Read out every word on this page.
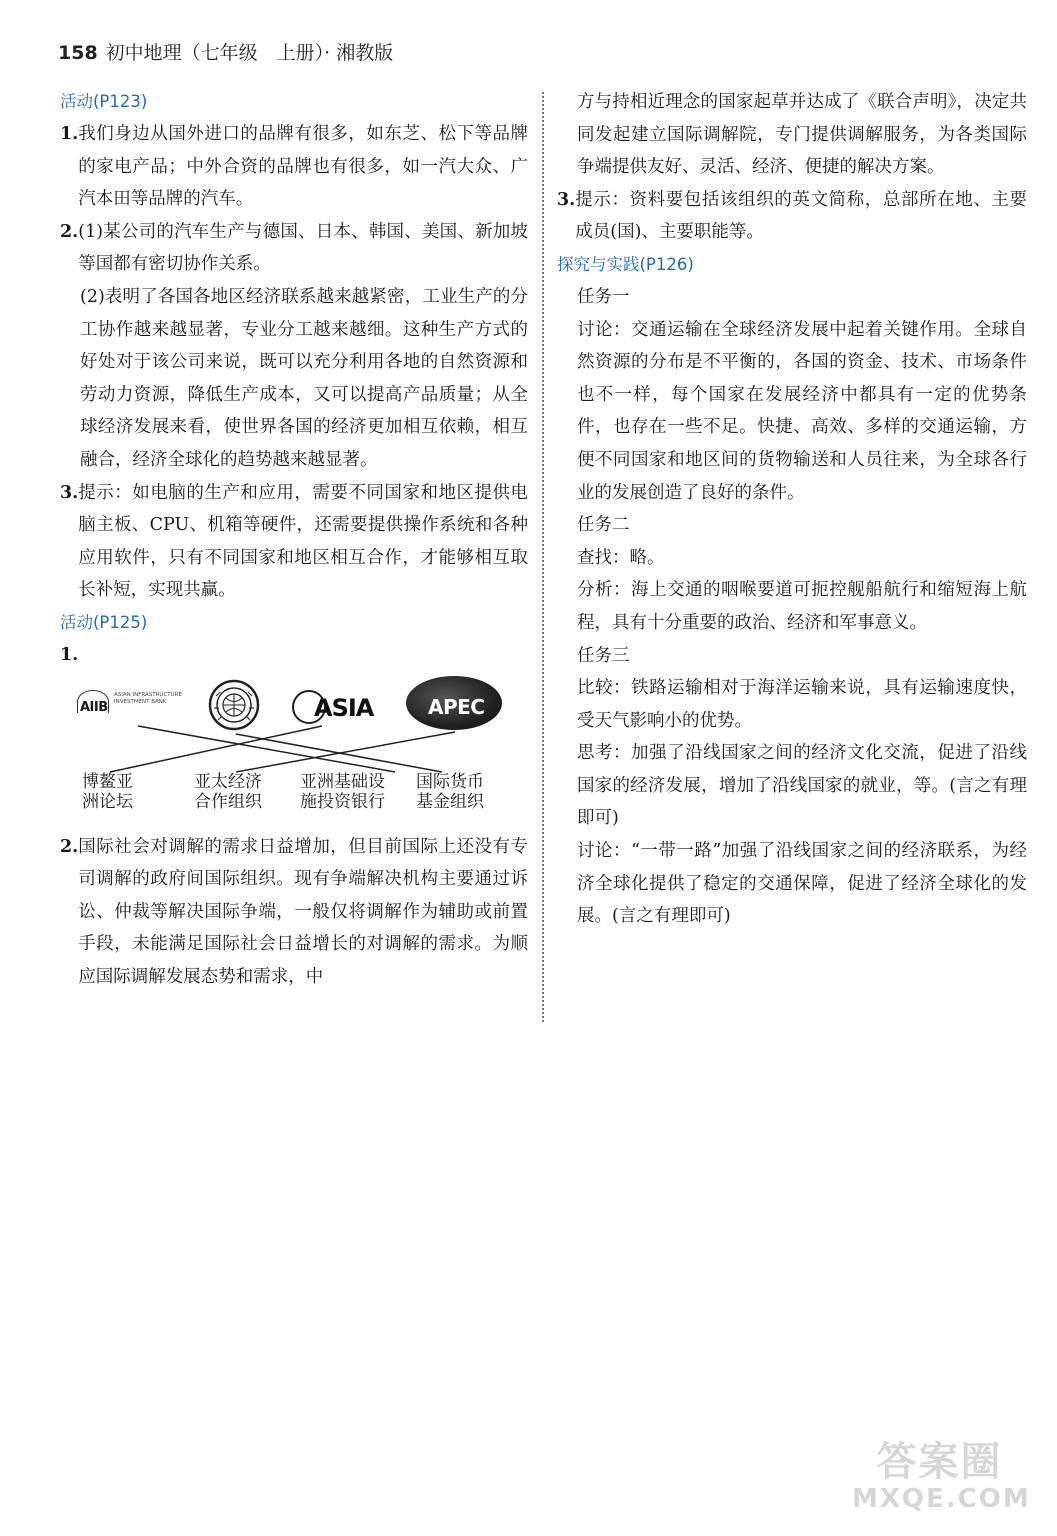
158 初中地理（七年级　上册）· 湘教版

活动(P123)

1. 我们身边从国外进口的品牌有很多，如东芝、松下等品牌的家电产品；中外合资的品牌也有很多，如一汽大众、广汽本田等品牌的汽车。
2. (1)某公司的汽车生产与德国、日本、韩国、美国、新加坡等国都有密切协作关系。

(2)表明了各国各地区经济联系越来越紧密，工业生产的分工协作越来越显著，专业分工越来越细。这种生产方式的好处对于该公司来说，既可以充分利用各地的自然资源和劳动力资源，降低生产成本，又可以提高产品质量；从全球经济发展来看，使世界各国的经济更加相互依赖，相互融合，经济全球化的趋势越来越显著。

3. 提示：如电脑的生产和应用，需要不同国家和地区提供电脑主板、CPU、机箱等硬件，还需要提供操作系统和各种应用软件，只有不同国家和地区相互合作，才能够相互取长补短，实现共赢。

活动(P125)

1.
AIIB
ASIAN INFRASTRUCTURE INVESTMENT BANK	ASIA	APEC
博鳌亚
洲论坛
亚太经济
合作组织
亚洲基础设
施投资银行
国际货币
基金组织
2. 国际社会对调解的需求日益增加，但目前国际上还没有专司调解的政府间国际组织。现有争端解决机构主要通过诉讼、仲裁等解决国际争端，一般仅将调解作为辅助或前置手段，未能满足国际社会日益增长的对调解的需求。为顺应国际调解发展态势和需求，中

方与持相近理念的国家起草并达成了《联合声明》，决定共同发起建立国际调解院，专门提供调解服务，为各类国际争端提供友好、灵活、经济、便捷的解决方案。

3. 提示：资料要包括该组织的英文简称，总部所在地、主要成员(国)、主要职能等。

探究与实践(P126)

任务一

讨论：交通运输在全球经济发展中起着关键作用。全球自然资源的分布是不平衡的，各国的资金、技术、市场条件也不一样，每个国家在发展经济中都具有一定的优势条件，也存在一些不足。快捷、高效、多样的交通运输，方便不同国家和地区间的货物输送和人员往来，为全球各行业的发展创造了良好的条件。

任务二

查找：略。

分析：海上交通的咽喉要道可扼控舰船航行和缩短海上航程，具有十分重要的政治、经济和军事意义。

任务三

比较：铁路运输相对于海洋运输来说，具有运输速度快，受天气影响小的优势。

思考：加强了沿线国家之间的经济文化交流，促进了沿线国家的经济发展，增加了沿线国家的就业，等。(言之有理即可)

讨论：“一带一路”加强了沿线国家之间的经济联系，为经济全球化提供了稳定的交通保障，促进了经济全球化的发展。(言之有理即可)

答案圈
MXQE.COM
